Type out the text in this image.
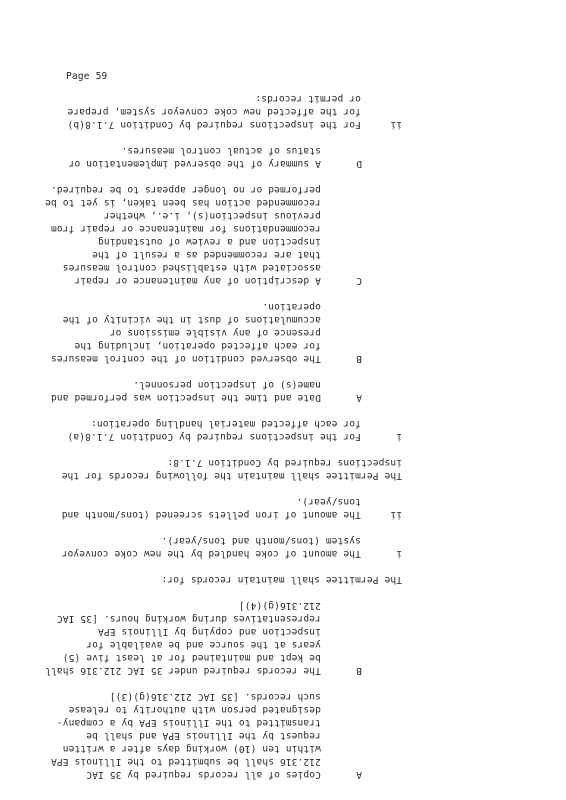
Page 59
A      Copies of all records required by 35 IAC
212.316 shall be submitted to the Illinois EPA
within ten (10) working days after a written
request by the Illinois EPA and shall be
transmitted to the Illinois EPA by a company-
designated person with authority to release
such records. [35 IAC 212.316(g)(3)]
B      The records required under 35 IAC 212.316 shall
be kept and maintained for at least five (5)
years at the source and be available for
inspection and copying by Illinois EPA
representatives during working hours. [35 IAC
212.316(g)(4)]
The Permittee shall maintain records for:
i      The amount of coke handled by the new coke conveyor
system (tons/month and tons/year).
ii     The amount of iron pellets screened (tons/month and
tons/year).
The Permittee shall maintain the following records for the
inspections required by Condition 7.1.8:
i      For the inspections required by Condition 7.1.8(a)
for each affected material handling operation:
A      Date and time the inspection was performed and
name(s) of inspection personnel.
B      The observed condition of the control measures
for each affected operation, including the
presence of any visible emissions or
accumulations of dust in the vicinity of the
operation.
C      A description of any maintenance or repair
associated with established control measures
that are recommended as a result of the
inspection and a review of outstanding
recommendations for maintenance or repair from
previous inspection(s), i.e., whether
recommended action has been taken, is yet to be
performed or no longer appears to be required.
D      A summary of the observed implementation or
status of actual control measures.
ii     For the inspections required by Condition 7.1.8(b)
for the affected new coke conveyor system, prepare
or permit records:
